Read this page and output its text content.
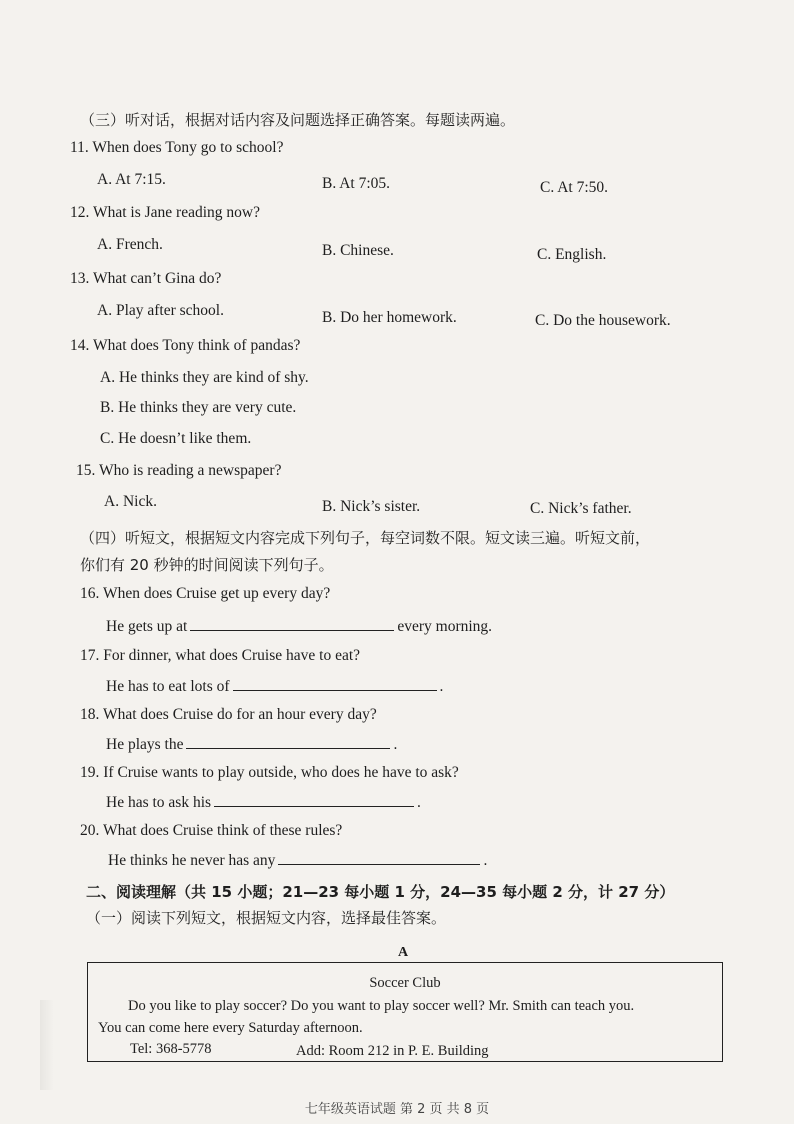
（三）听对话，根据对话内容及问题选择正确答案。每题读两遍。
11. When does Tony go to school?
A. At 7:15.	B. At 7:05.	C. At 7:50.
12. What is Jane reading now?
A. French.	B. Chinese.	C. English.
13. What can’t Gina do?
A. Play after school.	B. Do her homework.	C. Do the housework.
14. What does Tony think of pandas?
A. He thinks they are kind of shy.
B. He thinks they are very cute.
C. He doesn’t like them.
15. Who is reading a newspaper?
A. Nick.	B. Nick’s sister.	C. Nick’s father.
（四）听短文，根据短文内容完成下列句子，每空词数不限。短文读三遍。听短文前，
你们有 20 秒钟的时间阅读下列句子。
16. When does Cruise get up every day?
He gets up at	every morning.
17. For dinner, what does Cruise have to eat?
He has to eat lots of	.
18. What does Cruise do for an hour every day?
He plays the	.
19. If Cruise wants to play outside, who does he have to ask?
He has to ask his	.
20. What does Cruise think of these rules?
He thinks he never has any	.
二、阅读理解（共 15 小题；21—23 每小题 1 分，24—35 每小题 2 分，计 27 分）
（一）阅读下列短文，根据短文内容，选择最佳答案。
A
Soccer Club
Do you like to play soccer? Do you want to play soccer well? Mr. Smith can teach you.
You can come here every Saturday afternoon.
Tel: 368-5778	Add: Room 212 in P. E. Building
七年级英语试题 第 2 页 共 8 页
